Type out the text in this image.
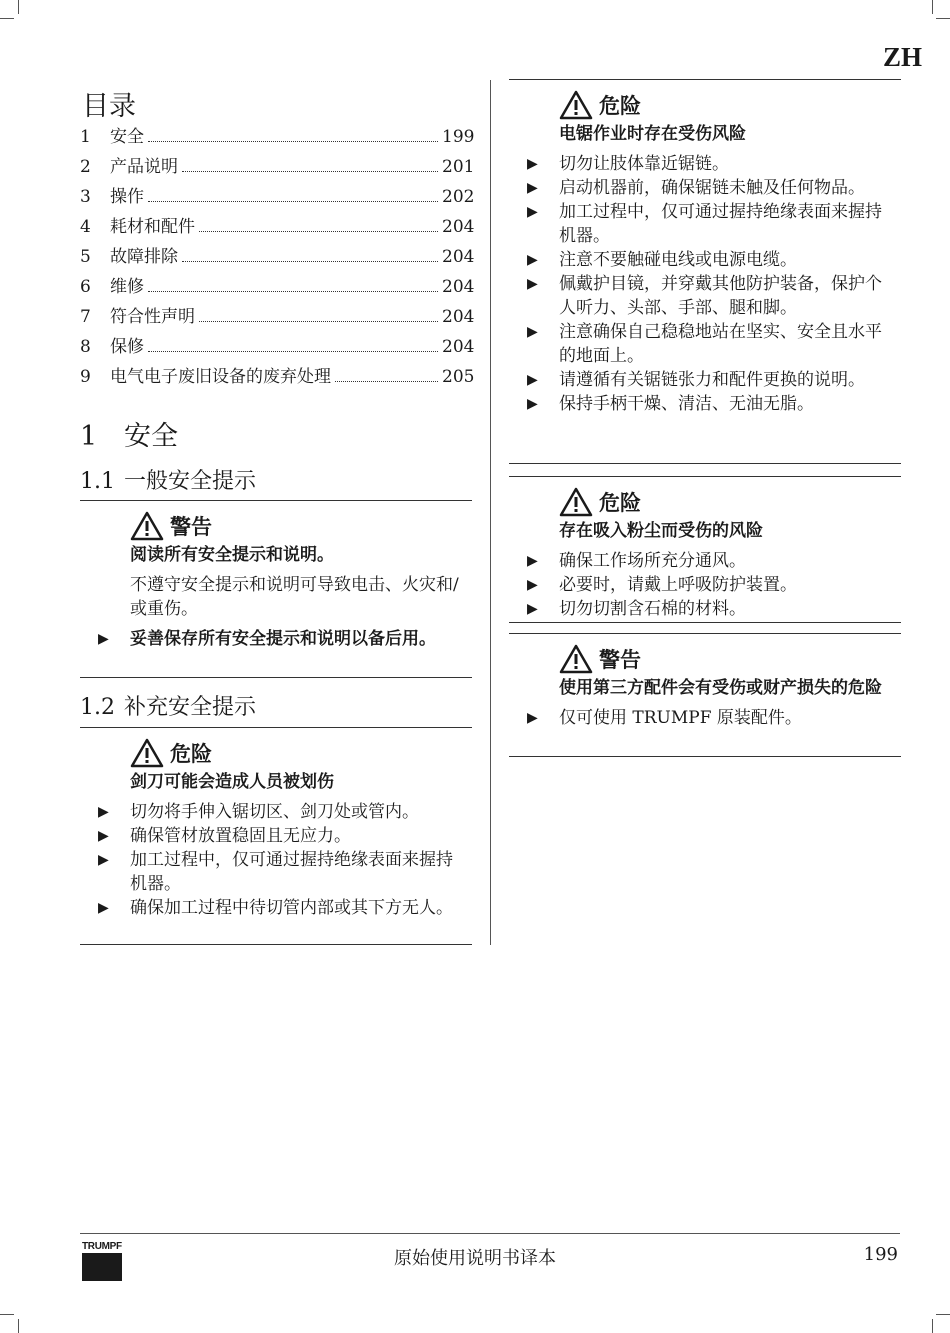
ZH
目录
1	安全	199
2	产品说明	201
3	操作	202
4	耗材和配件	204
5	故障排除	204
6	维修	204
7	符合性声明	204
8	保修	204
9	电气电子废旧设备的废弃处理	205
1 安全
1.1 一般安全提示
警告
阅读所有安全提示和说明。
不遵守安全提示和说明可导致电击、火灾和/或重伤。
▶ 妥善保存所有安全提示和说明以备后用。
1.2 补充安全提示
危险
剑刀可能会造成人员被划伤
▶ 切勿将手伸入锯切区、剑刀处或管内。
▶ 确保管材放置稳固且无应力。
▶ 加工过程中，仅可通过握持绝缘表面来握持机器。
▶ 确保加工过程中待切管内部或其下方无人。
危险
电锯作业时存在受伤风险
▶ 切勿让肢体靠近锯链。
▶ 启动机器前，确保锯链未触及任何物品。
▶ 加工过程中，仅可通过握持绝缘表面来握持机器。
▶ 注意不要触碰电线或电源电缆。
▶ 佩戴护目镜，并穿戴其他防护装备，保护个人听力、头部、手部、腿和脚。
▶ 注意确保自己稳稳地站在坚实、安全且水平的地面上。
▶ 请遵循有关锯链张力和配件更换的说明。
▶ 保持手柄干燥、清洁、无油无脂。
危险
存在吸入粉尘而受伤的风险
▶ 确保工作场所充分通风。
▶ 必要时，请戴上呼吸防护装置。
▶ 切勿切割含石棉的材料。
警告
使用第三方配件会有受伤或财产损失的危险
▶ 仅可使用 TRUMPF 原装配件。
TRUMPF
原始使用说明书译本	199
